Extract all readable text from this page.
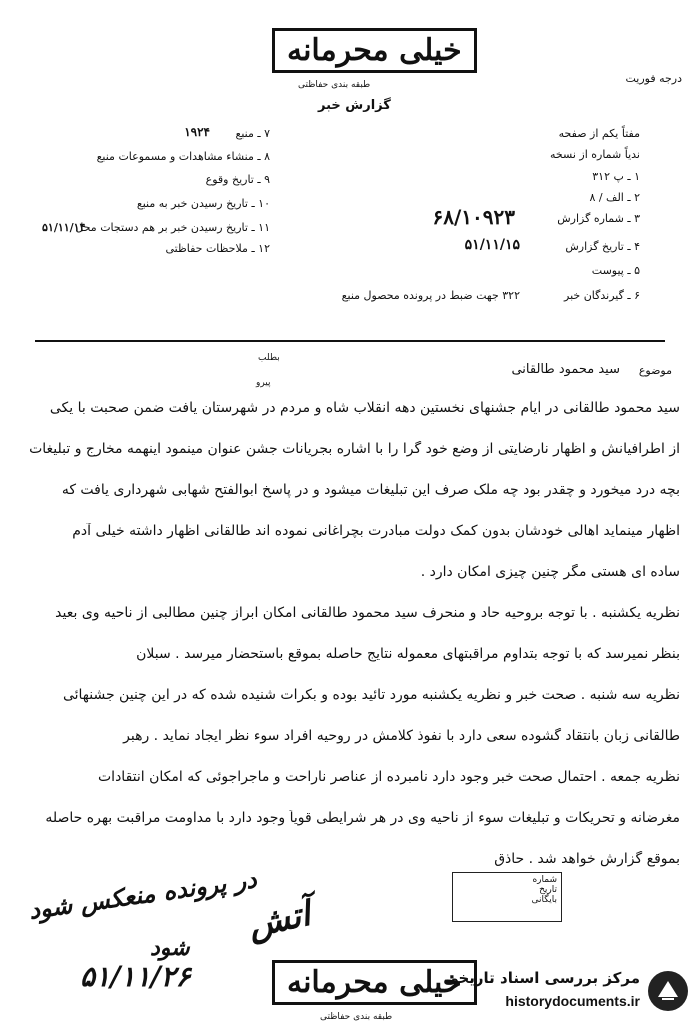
خیلی محرمانه
طبقه بندی حفاظتی	درجه فوریت
گزارش خبر
مفتاً یکم از صفحه
ندیاً شماره از نسخه
۱ ـ پ ۳۱۲
۲ ـ الف / ۸
۳ ـ شماره گزارش
۶۸/۱۰۹۲۳
۴ ـ تاریخ گزارش
۵۱/۱۱/۱۵
۵ ـ پیوست
۶ ـ گیرندگان خبر
۳۲۲ جهت ضبط در پرونده محصول منبع
۷ ـ منبع
۱۹۲۴
۸ ـ منشاء مشاهدات و مسموعات منبع
۹ ـ تاریخ وقوع
۱۰ ـ تاریخ رسیدن خبر به منبع
۱۱ ـ تاریخ رسیدن خبر بر هم دستجات محل
۵۱/۱۱/۱۴
۱۲ ـ ملاحظات حفاظتی
بطلب
پیرو
موضوع
سید محمود طالقانی
سید محمود طالقانی در ایام جشنهای نخستین دهه انقلاب شاه و مردم در شهرستان یافت ضمن صحبت با یکی
از اطرافیانش و اظهار نارضایتی از وضع خود گرا را با اشاره بجریانات جشن عنوان مینمود اینهمه مخارج و تبلیغات
بچه درد میخورد و چقدر بود چه ملک صرف این تبلیغات میشود و در پاسخ ابوالفتح شهابی شهرداری یافت که
اظهار مینماید اهالی خودشان بدون کمک دولت مبادرت بچراغانی نموده اند طالقانی اظهار داشته خیلی آدم
ساده ای هستی مگر چنین چیزی امکان دارد .
نظریه یکشنبه . با توجه بروحیه حاد و منحرف سید محمود طالقانی امکان ابراز چنین مطالبی از ناحیه وی بعید
بنظر نمیرسد که با توجه بتداوم مراقبتهای معموله نتایج حاصله بموقع باستحضار میرسد . سبلان
نظریه سه شنبه . صحت خبر و نظریه یکشنبه مورد تائید بوده و بکرات شنیده شده که در این چنین جشنهائی
طالقانی زبان بانتقاد گشوده سعی دارد با نفوذ کلامش در روحیه افراد سوء نظر ایجاد نماید . رهبر
نظریه جمعه . احتمال صحت خبر وجود دارد نامبرده از عناصر ناراحت و ماجراجوئی که امکان انتقادات
مغرضانه و تحریکات و تبلیغات سوء از ناحیه وی در هر شرایطی قویاً وجود دارد با مداومت مراقبت بهره حاصله
بموقع گزارش خواهد شد . حاذق
در پرونده منعکس شود
شود
۵۱/۱۱/۲۶
آتش
شماره
تاریخ
بایگانی
خیلی محرمانه
طبقه بندی حفاظتی
مرکز بررسی اسناد تاریخی
historydocuments.ir
